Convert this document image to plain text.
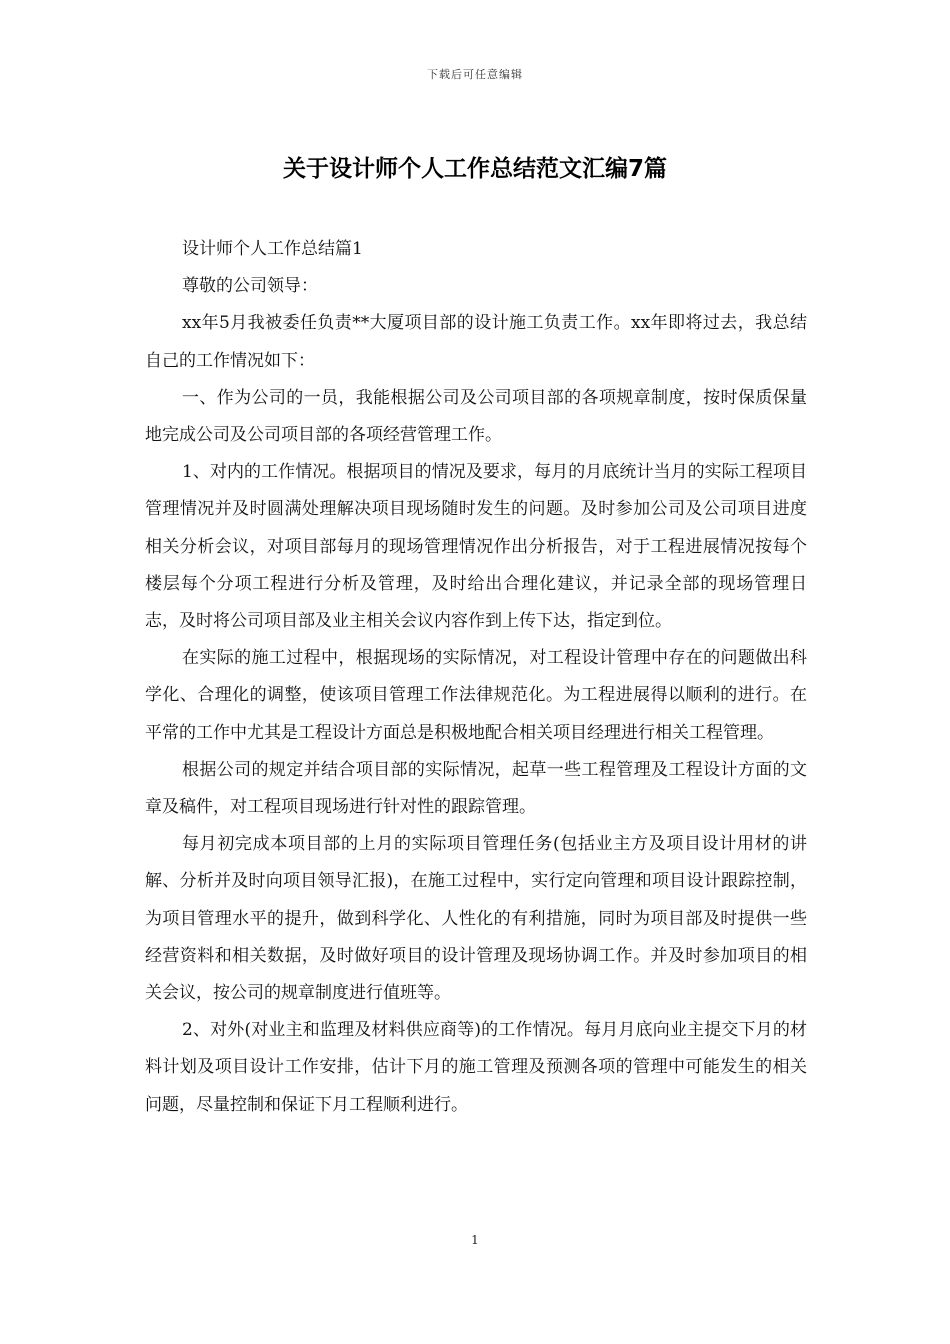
下载后可任意编辑
关于设计师个人工作总结范文汇编7篇

设计师个人工作总结篇1

尊敬的公司领导：

xx年5月我被委任负责**大厦项目部的设计施工负责工作。xx年即将过去，我总结自己的工作情况如下：

一、作为公司的一员，我能根据公司及公司项目部的各项规章制度，按时保质保量地完成公司及公司项目部的各项经营管理工作。

1、对内的工作情况。根据项目的情况及要求，每月的月底统计当月的实际工程项目管理情况并及时圆满处理解决项目现场随时发生的问题。及时参加公司及公司项目进度相关分析会议，对项目部每月的现场管理情况作出分析报告，对于工程进展情况按每个楼层每个分项工程进行分析及管理，及时给出合理化建议，并记录全部的现场管理日志，及时将公司项目部及业主相关会议内容作到上传下达，指定到位。

在实际的施工过程中，根据现场的实际情况，对工程设计管理中存在的问题做出科学化、合理化的调整，使该项目管理工作法律规范化。为工程进展得以顺利的进行。在平常的工作中尤其是工程设计方面总是积极地配合相关项目经理进行相关工程管理。

根据公司的规定并结合项目部的实际情况，起草一些工程管理及工程设计方面的文章及稿件，对工程项目现场进行针对性的跟踪管理。

每月初完成本项目部的上月的实际项目管理任务(包括业主方及项目设计用材的讲解、分析并及时向项目领导汇报)，在施工过程中，实行定向管理和项目设计跟踪控制，为项目管理水平的提升，做到科学化、人性化的有利措施，同时为项目部及时提供一些经营资料和相关数据，及时做好项目的设计管理及现场协调工作。并及时参加项目的相关会议，按公司的规章制度进行值班等。

2、对外(对业主和监理及材料供应商等)的工作情况。每月月底向业主提交下月的材料计划及项目设计工作安排，估计下月的施工管理及预测各项的管理中可能发生的相关问题，尽量控制和保证下月工程顺利进行。

1
